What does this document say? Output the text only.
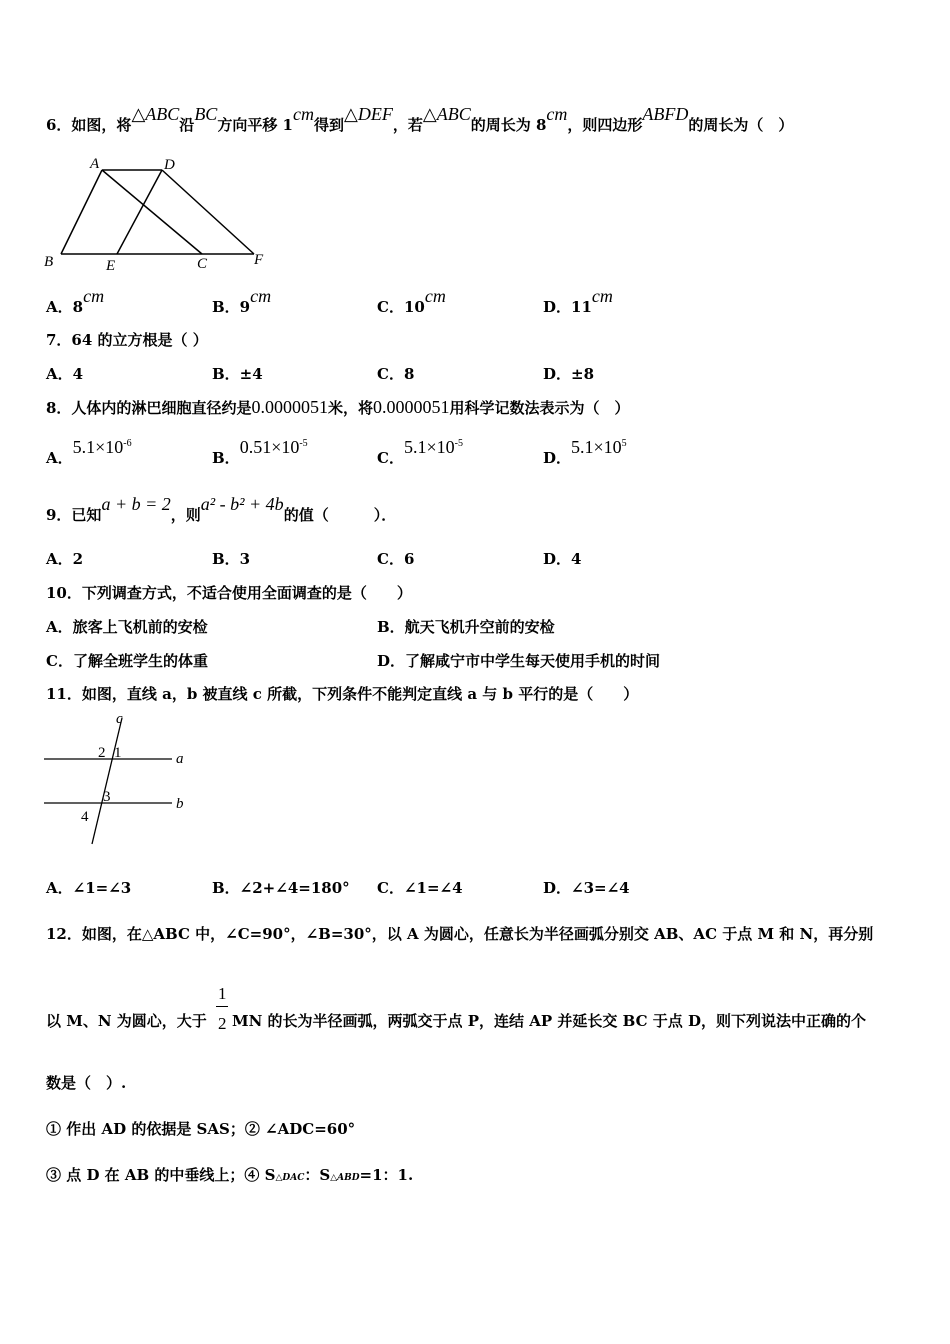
6．如图，将△ABC沿BC方向平移 1cm得到△DEF，若△ABC的周长为 8cm，则四边形ABFD的周长为（　）
A	D
B	E	C	F
A．8cm
B．9cm
C．10cm
D．11cm
7．64 的立方根是（ ）
A．4	B．±4	C．8	D．±8
8．人体内的淋巴细胞直径约是0.0000051米，将0.0000051用科学记数法表示为（　）
A．$5.1\times 10^{-6}$
B．$0.51\times 10^{-5}$
C．$5.1\times 10^{-5}$
D．$5.1\times 10^5$
9．已知a + b = 2，则a² - b² + 4b的值（　　　）．
A．2	B．3	C．6	D．4
10．下列调查方式，不适合使用全面调查的是（　　）
A．旅客上飞机前的安检	B．航天飞机升空前的安检
C．了解全班学生的体重	D．了解咸宁市中学生每天使用手机的时间
11．如图，直线 a，b 被直线 c 所截，下列条件不能判定直线 a 与 b 平行的是（　　）
c
2 1	a
3
4
b
A．∠1=∠3	B．∠2+∠4=180° C．∠1=∠4	D．∠3=∠4
12．如图，在△ABC 中，∠C=90°，∠B=30°，以 A 为圆心，任意长为半径画弧分别交 AB、AC 于点 M 和 N，再分别
1
2
以 M、N 为圆心，大于 MN 的长为半径画弧，两弧交于点 P，连结 AP 并延长交 BC 于点 D，则下列说法中正确的个
数是（　）.
① 作出 AD 的依据是 SAS；② ∠ADC=60°
③ 点 D 在 AB 的中垂线上；④ S△DAC：S△ABD=1：1.
